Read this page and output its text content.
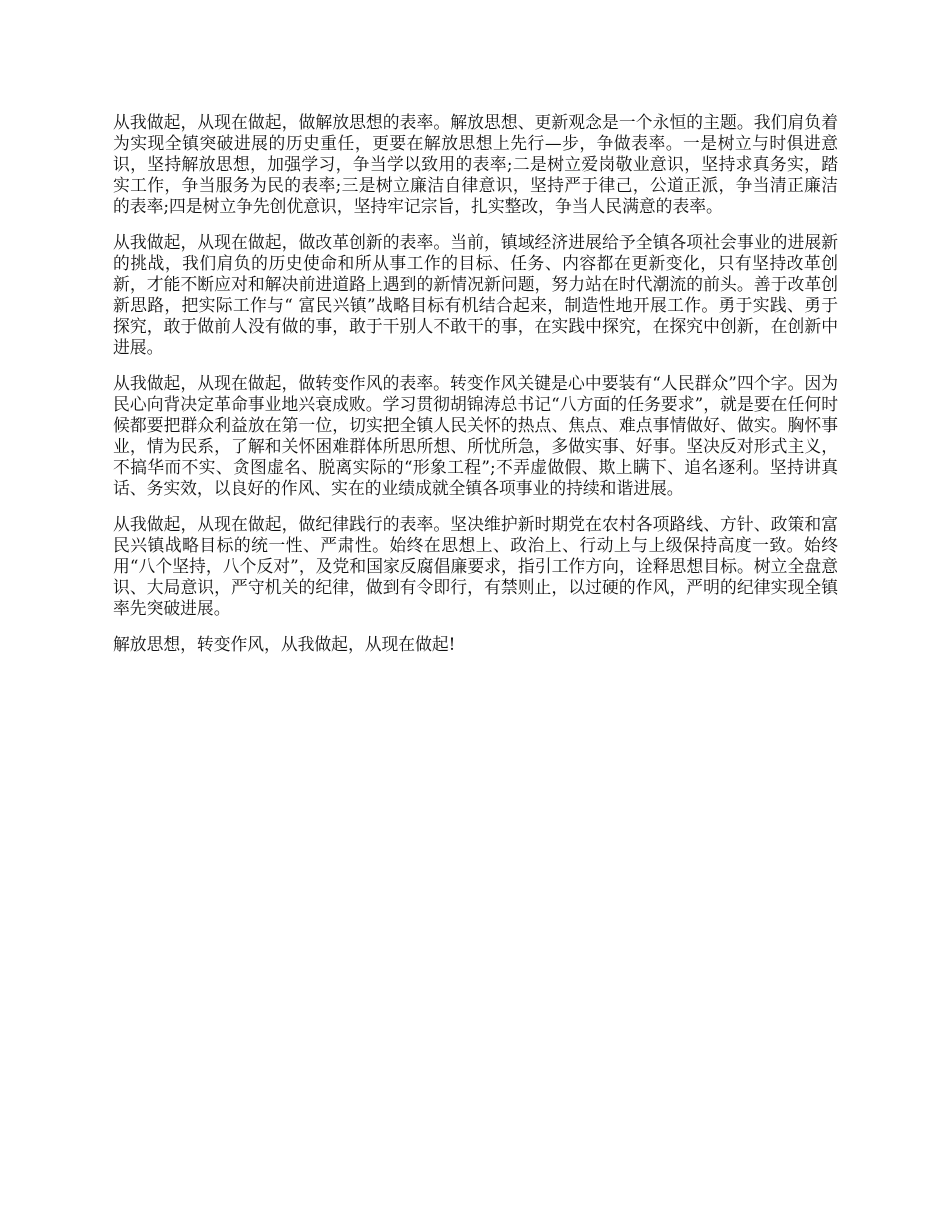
从我做起，从现在做起，做解放思想的表率。解放思想、更新观念是一个永恒的主题。我们肩负着为实现全镇突破进展的历史重任，更要在解放思想上先行—步，争做表率。一是树立与时俱进意识，坚持解放思想，加强学习，争当学以致用的表率;二是树立爱岗敬业意识，坚持求真务实，踏实工作，争当服务为民的表率;三是树立廉洁自律意识，坚持严于律己，公道正派，争当清正廉洁的表率;四是树立争先创优意识，坚持牢记宗旨，扎实整改，争当人民满意的表率。

从我做起，从现在做起，做改革创新的表率。当前，镇域经济进展给予全镇各项社会事业的进展新的挑战，我们肩负的历史使命和所从事工作的目标、任务、内容都在更新变化，只有坚持改革创新，才能不断应对和解决前进道路上遇到的新情况新问题，努力站在时代潮流的前头。善于改革创新思路，把实际工作与“ 富民兴镇”战略目标有机结合起来，制造性地开展工作。勇于实践、勇于探究，敢于做前人没有做的事，敢于干别人不敢干的事，在实践中探究，在探究中创新，在创新中进展。

从我做起，从现在做起，做转变作风的表率。转变作风关键是心中要装有“人民群众”四个字。因为民心向背决定革命事业地兴衰成败。学习贯彻胡锦涛总书记“八方面的任务要求”，就是要在任何时候都要把群众利益放在第一位，切实把全镇人民关怀的热点、焦点、难点事情做好、做实。胸怀事业，情为民系，了解和关怀困难群体所思所想、所忧所急，多做实事、好事。坚决反对形式主义，不搞华而不实、贪图虚名、脱离实际的“形象工程”;不弄虚做假、欺上瞒下、追名逐利。坚持讲真话、务实效，以良好的作风、实在的业绩成就全镇各项事业的持续和谐进展。

从我做起，从现在做起，做纪律践行的表率。坚决维护新时期党在农村各项路线、方针、政策和富民兴镇战略目标的统一性、严肃性。始终在思想上、政治上、行动上与上级保持高度一致。始终用“八个坚持，八个反对”，及党和国家反腐倡廉要求，指引工作方向，诠释思想目标。树立全盘意识、大局意识，严守机关的纪律，做到有令即行，有禁则止，以过硬的作风，严明的纪律实现全镇率先突破进展。

解放思想，转变作风，从我做起，从现在做起!
